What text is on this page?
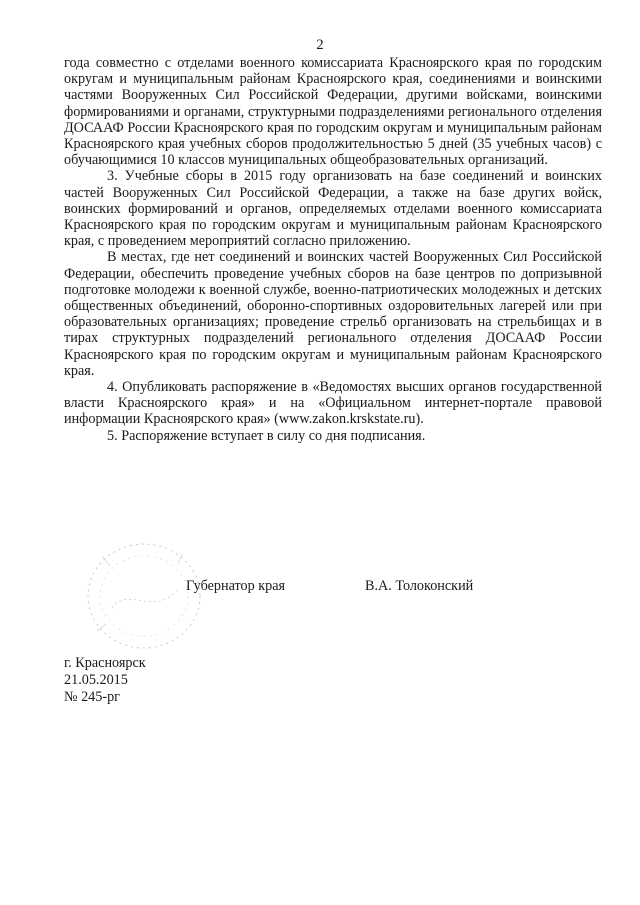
2

года совместно с отделами военного комиссариата Красноярского края по городским округам и муниципальным районам Красноярского края, соединениями и воинскими частями Вооруженных Сил Российской Федерации, другими войсками, воинскими формированиями и органами, структурными подразделениями регионального отделения ДОСААФ России Красноярского края по городским округам и муниципальным районам Красноярского края учебных сборов продолжительностью 5 дней (35 учебных часов) с обучающимися 10 классов муниципальных общеобразовательных организаций.

3. Учебные сборы в 2015 году организовать на базе соединений и воинских частей Вооруженных Сил Российской Федерации, а также на базе других войск, воинских формирований и органов, определяемых отделами военного комиссариата Красноярского края по городским округам и муниципальным районам Красноярского края, с проведением мероприятий согласно приложению.

В местах, где нет соединений и воинских частей Вооруженных Сил Российской Федерации, обеспечить проведение учебных сборов на базе центров по допризывной подготовке молодежи к военной службе, военно-патриотических молодежных и детских общественных объединений, оборонно-спортивных оздоровительных лагерей или при образовательных организациях; проведение стрельб организовать на стрельбищах и в тирах структурных подразделений регионального отделения ДОСААФ России Красноярского края по городским округам и муниципальным районам Красноярского края.

4. Опубликовать распоряжение в «Ведомостях высших органов государственной власти Красноярского края» и на «Официальном интернет-портале правовой информации Красноярского края» (www.zakon.krskstate.ru).

5. Распоряжение вступает в силу со дня подписания.

Губернатор края	В.А. Толоконский
г. Красноярск
21.05.2015
№ 245-рг
